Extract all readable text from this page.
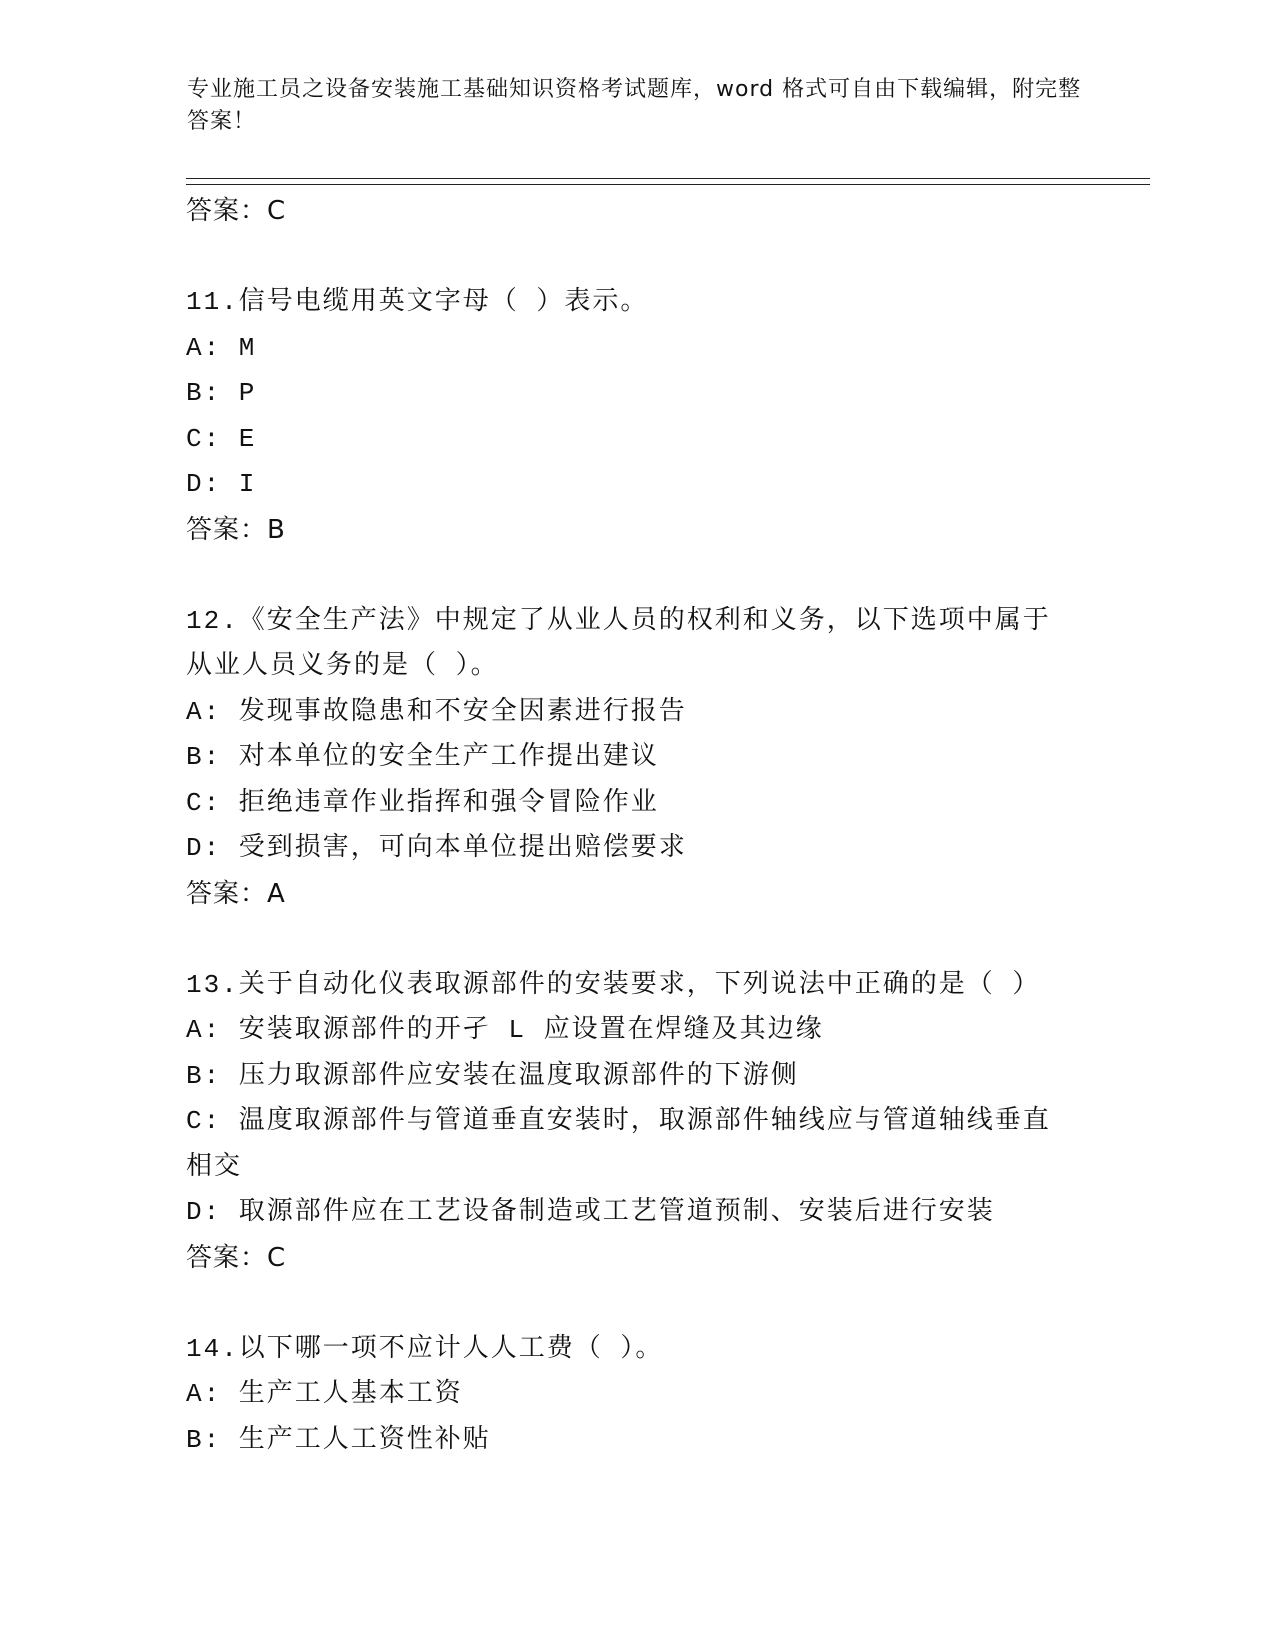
专业施工员之设备安装施工基础知识资格考试题库，word 格式可自由下载编辑，附完整答案！
答案：C
11.信号电缆用英文字母（ ）表示。
A: M
B: P
C: E
D: I
答案：B
12.《安全生产法》中规定了从业人员的权利和义务，以下选项中属于从业人员义务的是（ ）。
A: 发现事故隐患和不安全因素进行报告
B: 对本单位的安全生产工作提出建议
C: 拒绝违章作业指挥和强令冒险作业
D: 受到损害，可向本单位提出赔偿要求
答案：A
13.关于自动化仪表取源部件的安装要求，下列说法中正确的是（ ）
A: 安装取源部件的开孑 L 应设置在焊缝及其边缘
B: 压力取源部件应安装在温度取源部件的下游侧
C: 温度取源部件与管道垂直安装时，取源部件轴线应与管道轴线垂直相交
D: 取源部件应在工艺设备制造或工艺管道预制、安装后进行安装
答案：C
14.以下哪一项不应计人人工费（ ）。
A: 生产工人基本工资
B: 生产工人工资性补贴
